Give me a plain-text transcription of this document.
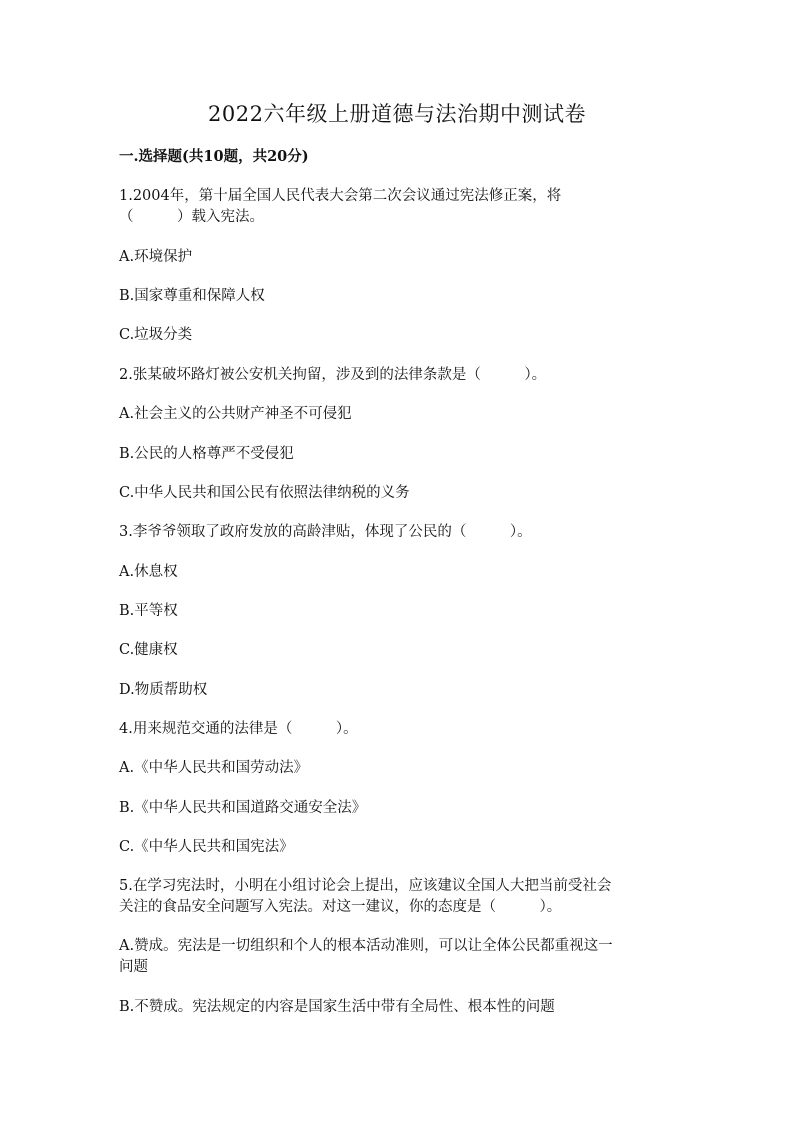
2022六年级上册道德与法治期中测试卷
一.选择题(共10题，共20分)
1.2004年，第十届全国人民代表大会第二次会议通过宪法修正案，将
（　　　）载入宪法。
A.环境保护
B.国家尊重和保障人权
C.垃圾分类
2.张某破坏路灯被公安机关拘留，涉及到的法律条款是（　　　）。
A.社会主义的公共财产神圣不可侵犯
B.公民的人格尊严不受侵犯
C.中华人民共和国公民有依照法律纳税的义务
3.李爷爷领取了政府发放的高龄津贴，体现了公民的（　　　）。
A.休息权
B.平等权
C.健康权
D.物质帮助权
4.用来规范交通的法律是（　　　）。
A.《中华人民共和国劳动法》
B.《中华人民共和国道路交通安全法》
C.《中华人民共和国宪法》
5.在学习宪法时，小明在小组讨论会上提出，应该建议全国人大把当前受社会
关注的食品安全问题写入宪法。对这一建议，你的态度是（　　　）。
A.赞成。宪法是一切组织和个人的根本活动准则，可以让全体公民都重视这一
问题
B.不赞成。宪法规定的内容是国家生活中带有全局性、根本性的问题
